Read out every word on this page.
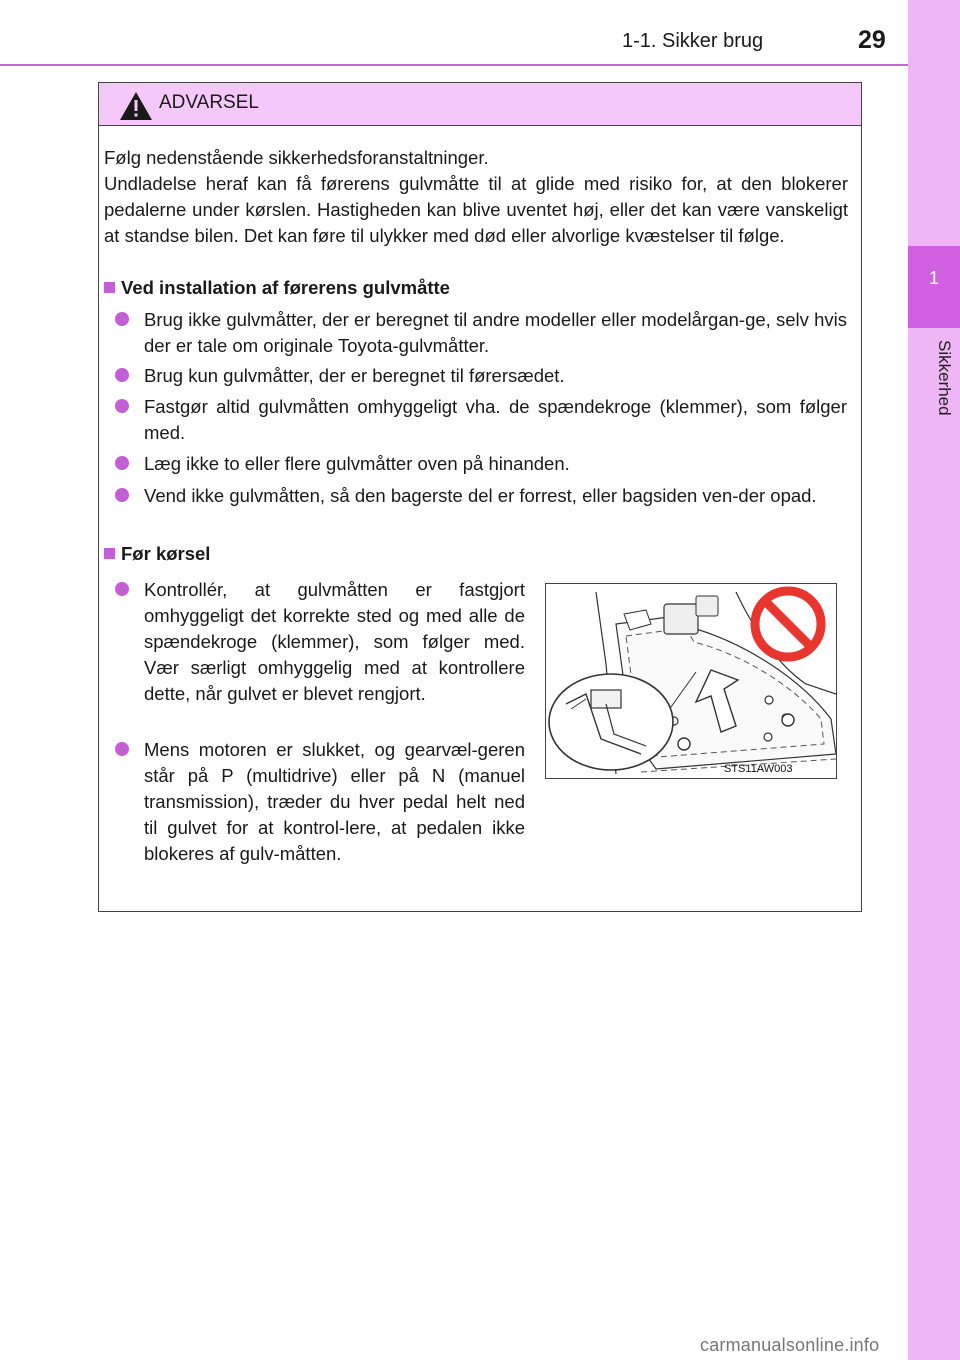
1-1. Sikker brug	29
1
Sikkerhed
ADVARSEL
Følg nedenstående sikkerhedsforanstaltninger.
Undladelse heraf kan få førerens gulvmåtte til at glide med risiko for, at den blokerer pedalerne under kørslen. Hastigheden kan blive uventet høj, eller det kan være vanskeligt at standse bilen. Det kan føre til ulykker med død eller alvorlige kvæstelser til følge.
Ved installation af førerens gulvmåtte
Brug ikke gulvmåtter, der er beregnet til andre modeller eller modelårgan-ge, selv hvis der er tale om originale Toyota-gulvmåtter.
Brug kun gulvmåtter, der er beregnet til førersædet.
Fastgør altid gulvmåtten omhyggeligt vha. de spændekroge (klemmer), som følger med.
Læg ikke to eller flere gulvmåtter oven på hinanden.
Vend ikke gulvmåtten, så den bagerste del er forrest, eller bagsiden ven-der opad.
Før kørsel
Kontrollér, at gulvmåtten er fastgjort omhyggeligt det korrekte sted og med alle de spændekroge (klemmer), som følger med. Vær særligt omhyggelig med at kontrollere dette, når gulvet er blevet rengjort.
Mens motoren er slukket, og gearvæl-geren står på P (multidrive) eller på N (manuel transmission), træder du hver pedal helt ned til gulvet for at kontrol-lere, at pedalen ikke blokeres af gulv-måtten.
STS11AW003
carmanualsonline.info
